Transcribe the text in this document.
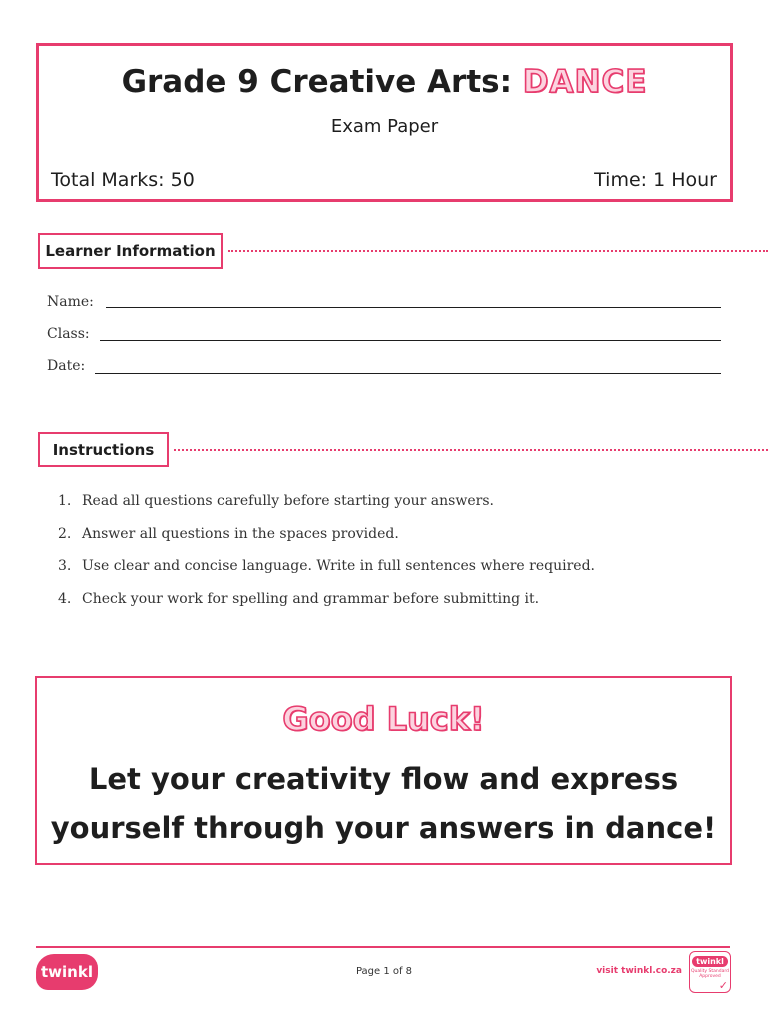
Grade 9 Creative Arts: DANCE
Exam Paper
Total Marks: 50	Time: 1 Hour
Learner Information
Name:
Class:
Date:
Instructions
1. Read all questions carefully before starting your answers.
2. Answer all questions in the spaces provided.
3. Use clear and concise language. Write in full sentences where required.
4. Check your work for spelling and grammar before submitting it.
Good Luck!
Let your creativity flow and express
yourself through your answers in dance!
twinkl	Page 1 of 8	visit twinkl.co.za
twinkl
Quality Standard Approved
✓
